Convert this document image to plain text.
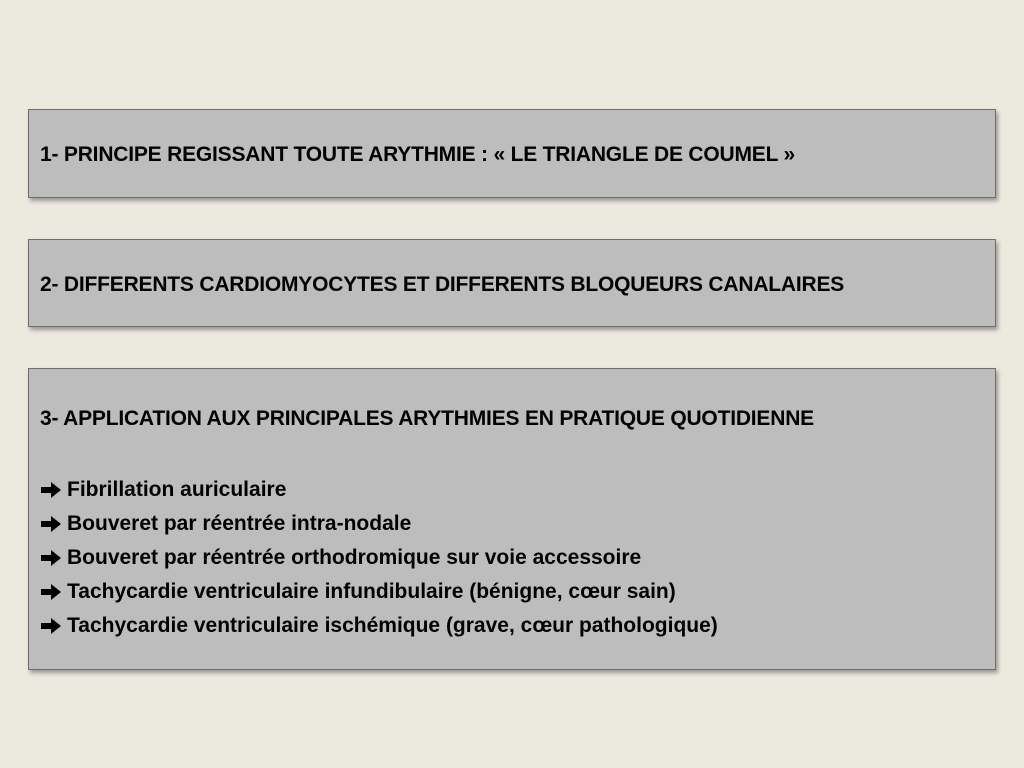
1- PRINCIPE REGISSANT TOUTE ARYTHMIE : « LE TRIANGLE DE COUMEL »
2- DIFFERENTS CARDIOMYOCYTES ET DIFFERENTS BLOQUEURS CANALAIRES
3- APPLICATION AUX PRINCIPALES ARYTHMIES EN PRATIQUE QUOTIDIENNE
Fibrillation auriculaire
Bouveret par réentrée intra-nodale
Bouveret par réentrée orthodromique sur voie accessoire
Tachycardie ventriculaire infundibulaire (bénigne, cœur sain)
Tachycardie ventriculaire ischémique (grave, cœur pathologique)
